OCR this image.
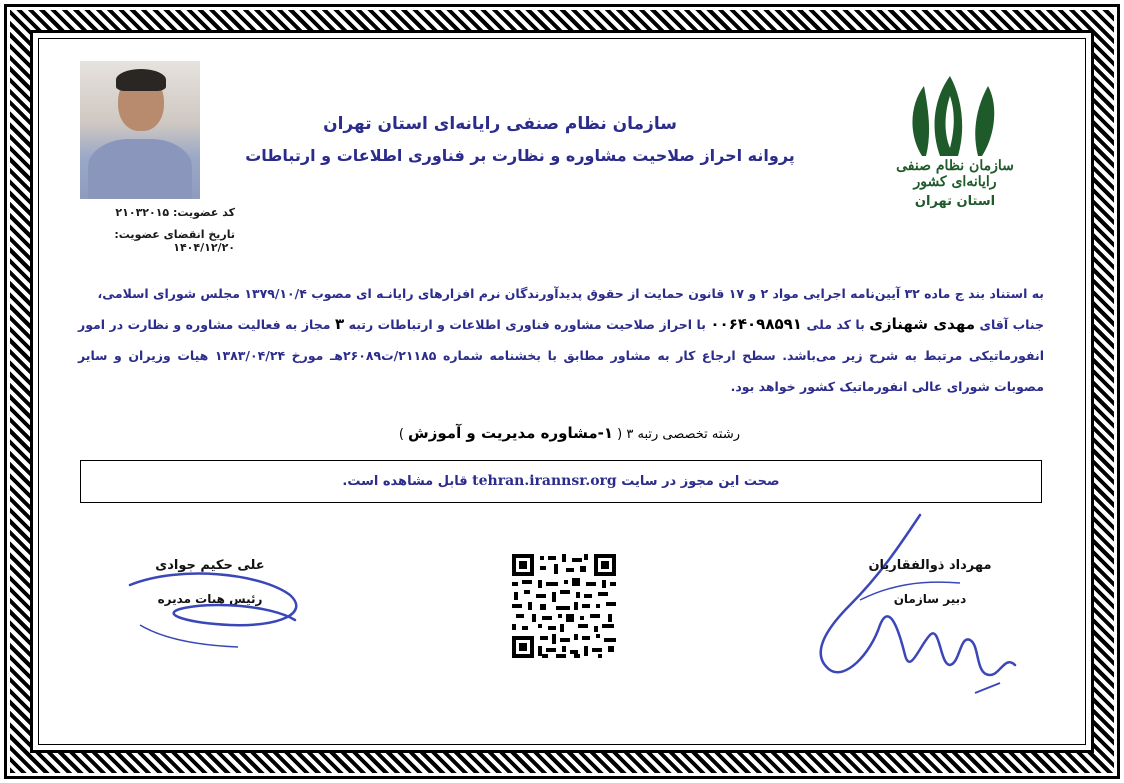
کد عضویت: ۲۱۰۳۲۰۱۵
تاریخ انقضای عضویت: ۱۴۰۴/۱۲/۲۰
سازمان نظام صنفی رایانه‌ای استان تهران
پروانه احراز صلاحیت مشاوره و نظارت بر فناوری اطلاعات و ارتباطات
سازمان نظام صنفی رایانه‌ای کشور
استان تهران
به استناد بند ج ماده ۳۲ آیین‌نامه اجرایی مواد ۲ و ۱۷ قانون حمایت از حقوق پدیدآورندگان نرم افزارهای رایانـه ای مصوب ۱۳۷۹/۱۰/۴ مجلس شورای اسلامی،
جناب آقای مهدی شهنازی با کد ملی ۰۰۶۴۰۹۸۵۹۱ با احراز صلاحیت مشاوره فناوری اطلاعات و ارتباطات رتبه ۳ مجاز به فعالیت مشاوره و نظارت در امور انفورماتیکی مرتبط به شرح زیر می‌باشد. سطح ارجاع کار به مشاور مطابق با بخشنامه شماره ۲۱۱۸۵/ت۲۶۰۸۹هـ مورخ ۱۳۸۳/۰۴/۲۴ هیات وزیران و سایر مصوبات شورای عالی انفورماتیک کشور خواهد بود.
رشته تخصصی رتبه ۳ ( ۱-مشاوره مدیریت و آموزش )
صحت این مجوز در سایت tehran.irannsr.org قابل مشاهده است.
علی حکیم جوادی
رئیس هیات مدیره
مهرداد ذوالفقاریان
دبیر سازمان
